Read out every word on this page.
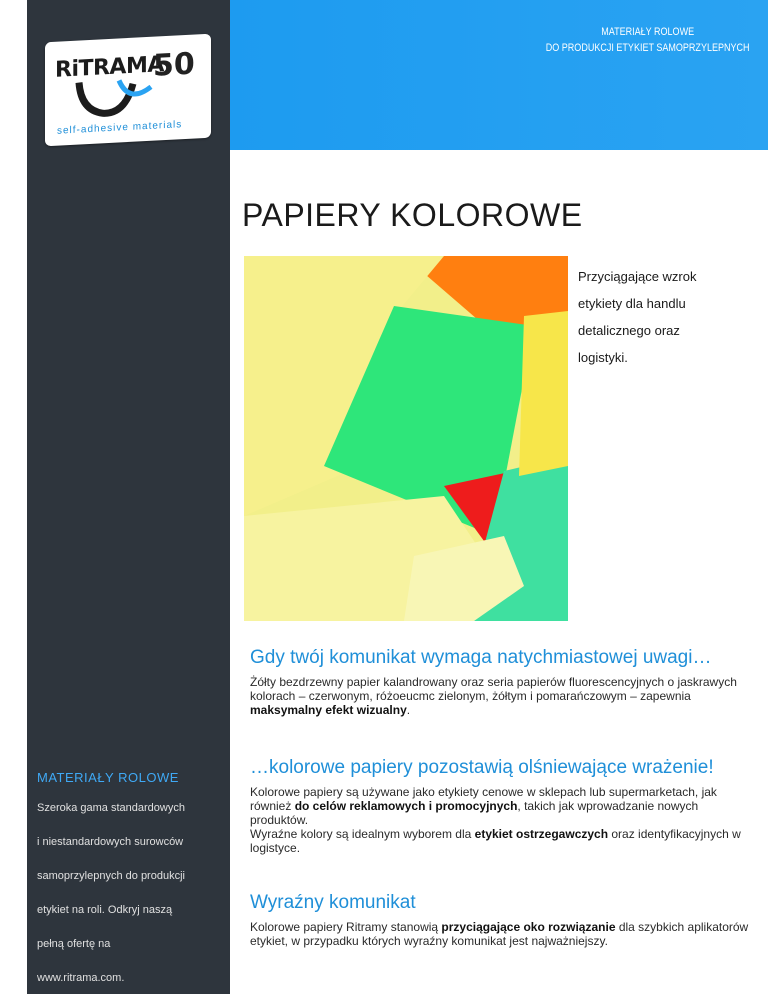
RiTRAMA
50
self-adhesive materials
MATERIAŁY ROLOWE
Szeroka gama standardowych
i niestandardowych surowców
samoprzylepnych do produkcji
etykiet na roli. Odkryj naszą
pełną ofertę na
www.ritrama.com.
MATERIAŁY ROLOWE
DO PRODUKCJI ETYKIET SAMOPRZYLEPNYCH
PAPIERY KOLOROWE
Przyciągające wzrok
etykiety dla handlu
detalicznego oraz
logistyki.
Gdy twój komunikat wymaga natychmiastowej uwagi…

Żółty bezdrzewny papier kalandrowany oraz seria papierów fluorescencyjnych o jaskrawych kolorach – czerwonym, różoeucmc zielonym, żółtym i pomarańczowym – zapewnia maksymalny efekt wizualny.

…kolorowe papiery pozostawią olśniewające wrażenie!

Kolorowe papiery są używane jako etykiety cenowe w sklepach lub supermarketach, jak również do celów reklamowych i promocyjnych, takich jak wprowadzanie nowych produktów.
Wyraźne kolory są idealnym wyborem dla etykiet ostrzegawczych oraz identyfikacyjnych w logistyce.

Wyraźny komunikat

Kolorowe papiery Ritramy stanowią przyciągające oko rozwiązanie dla szybkich aplikatorów etykiet, w przypadku których wyraźny komunikat jest najważniejszy.
